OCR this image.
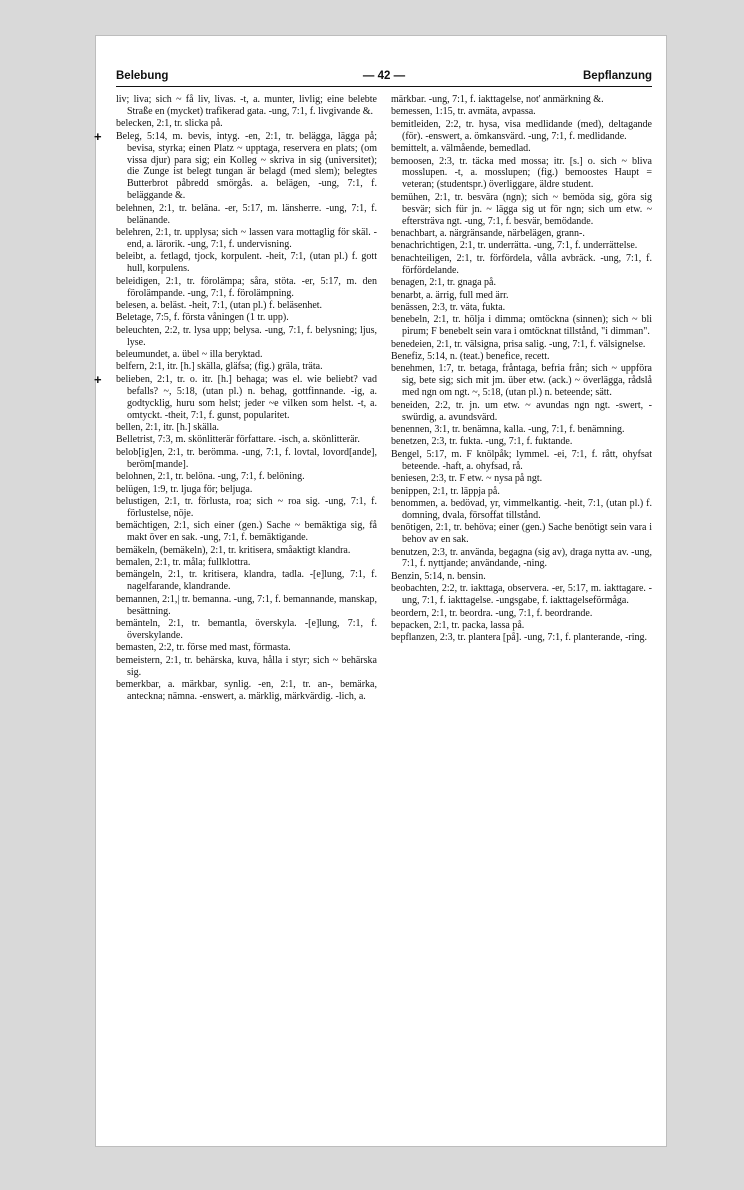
Belebung	— 42 —	Bepflanzung
liv; liva; sich ~ få liv, livas. -t, a. munter, livlig; eine belebte Straße en (mycket) trafikerad gata. -ung, 7:1, f. livgivande &.
belecken, 2:1, tr. slicka på.
+ Beleg, 5:14, m. bevis, intyg. -en, 2:1, tr. belägga, lägga på; bevisa, styrka; einen Platz ~ upptaga, reservera en plats; (om vissa djur) para sig; ein Kolleg ~ skriva in sig (universitet); die Zunge ist belegt tungan är belagd (med slem); belegtes Butterbrot påbredd smörgås. a. belägen, -ung, 7:1, f. beläggande &.
belehnen, 2:1, tr. beläna. -er, 5:17, m. länsherre. -ung, 7:1, f. belänande.
belehren, 2:1, tr. upplysa; sich ~ lassen vara mottaglig för skäl. -end, a. lärorik. -ung, 7:1, f. undervisning.
beleibt, a. fetlagd, tjock, korpulent. -heit, 7:1, (utan pl.) f. gott hull, korpulens.
beleidigen, 2:1, tr. förolämpa; såra, stöta. -er, 5:17, m. den förolämpande. -ung, 7:1, f. förolämpning.
belesen, a. beläst. -heit, 7:1, (utan pl.) f. beläsenhet.
Beletage, 7:5, f. första våningen (1 tr. upp).
beleuchten, 2:2, tr. lysa upp; belysa. -ung, 7:1, f. belysning; ljus, lyse.
beleumundet, a. übel ~ illa beryktad.
belfern, 2:1, itr. [h.] skälla, gläfsa; (fig.) gräla, träta.
+ belieben, 2:1, tr. o. itr. [h.] behaga; was el. wie beliebt? vad befalls? ~, 5:18, (utan pl.) n. behag, gottfinnande. -ig, a. godtycklig, huru som helst; jeder ~e vilken som helst. -t, a. omtyckt. -theit, 7:1, f. gunst, popularitet.
bellen, 2:1, itr. [h.] skälla.
Belletrist, 7:3, m. skönlitterär författare. -isch, a. skönlitterär.
belob[ig]en, 2:1, tr. berömma. -ung, 7:1, f. lovtal, lovord[ande], beröm[mande].
belohnen, 2:1, tr. belöna. -ung, 7:1, f. belöning.
belügen, 1:9, tr. ljuga för; beljuga.
belustigen, 2:1, tr. förlusta, roa; sich ~ roa sig. -ung, 7:1, f. förlustelse, nöje.
bemächtigen, 2:1, sich einer (gen.) Sache ~ bemäktiga sig, få makt över en sak. -ung, 7:1, f. bemäktigande.
bemäkeln, (bemäkeln), 2:1, tr. kritisera, småaktigt klandra.
bemalen, 2:1, tr. måla; fullklottra.
bemängeln, 2:1, tr. kritisera, klandra, tadla. -[e]lung, 7:1, f. nagelfarande, klandrande.
bemannen, 2:1,| tr. bemanna. -ung, 7:1, f. bemannande, manskap, besättning.
bemänteln, 2:1, tr. bemantla, överskyla. -[e]lung, 7:1, f. överskylande.
bemasten, 2:2, tr. förse med mast, förmasta.
bemeistern, 2:1, tr. behärska, kuva, hålla i styr; sich ~ behärska sig.
bemerkbar, a. märkbar, synlig. -en, 2:1, tr. an-, bemärka, anteckna; nämna. -enswert, a. märklig, märkvärdig. -lich, a.
märkbar. -ung, 7:1, f. iakttagelse, not' anmärkning &.
bemessen, 1:15, tr. avmäta, avpassa.
bemitleiden, 2:2, tr. hysa, visa medlidande (med), deltagande (för). -enswert, a. ömkansvärd. -ung, 7:1, f. medlidande.
bemittelt, a. välmående, bemedlad.
bemoosen, 2:3, tr. täcka med mossa; itr. [s.] o. sich ~ bliva mosslupen. -t, a. mosslupen; (fig.) bemoostes Haupt = veteran; (studentspr.) överliggare, äldre student.
bemühen, 2:1, tr. besvära (ngn); sich ~ bemöda sig, göra sig besvär; sich für jn. ~ lägga sig ut för ngn; sich um etw. ~ eftersträva ngt. -ung, 7:1, f. besvär, bemödande.
benachbart, a. närgränsande, närbelägen, grann-.
benachrichtigen, 2:1, tr. underrätta. -ung, 7:1, f. underrättelse.
benachteiligen, 2:1, tr. förfördela, vålla avbräck. -ung, 7:1, f. förfördelande.
benagen, 2:1, tr. gnaga på.
benarbt, a. ärrig, full med ärr.
benässen, 2:3, tr. väta, fukta.
benebeln, 2:1, tr. hölja i dimma; omtöckna (sinnen); sich ~ bli pirum; F benebelt sein vara i omtöcknat tillstånd, "i dimman".
benedeien, 2:1, tr. välsigna, prisa salig. -ung, 7:1, f. välsignelse.
Benefiz, 5:14, n. (teat.) benefice, recett.
benehmen, 1:7, tr. betaga, fråntaga, befria från; sich ~ uppföra sig, bete sig; sich mit jm. über etw. (ack.) ~ överlägga, rådslå med ngn om ngt. ~, 5:18, (utan pl.) n. beteende; sätt.
beneiden, 2:2, tr. jn. um etw. ~ avundas ngn ngt. -swert, -swürdig, a. avundsvärd.
benennen, 3:1, tr. benämna, kalla. -ung, 7:1, f. benämning.
benetzen, 2:3, tr. fukta. -ung, 7:1, f. fuktande.
Bengel, 5:17, m. F knölpåk; lymmel. -ei, 7:1, f. rått, ohyfsat beteende. -haft, a. ohyfsad, rå.
beniesen, 2:3, tr. F etw. ~ nysa på ngt.
benippen, 2:1, tr. läppja på.
benommen, a. bedövad, yr, vimmelkantig. -heit, 7:1, (utan pl.) f. domning, dvala, försoffat tillstånd.
benötigen, 2:1, tr. behöva; einer (gen.) Sache benötigt sein vara i behov av en sak.
benutzen, 2:3, tr. använda, begagna (sig av), draga nytta av. -ung, 7:1, f. nyttjande; användande, -ning.
Benzin, 5:14, n. bensin.
beobachten, 2:2, tr. iakttaga, observera. -er, 5:17, m. iakttagare. -ung, 7:1, f. iakttagelse. -ungsgabe, f. iakttagelseförmåga.
beordern, 2:1, tr. beordra. -ung, 7:1, f. beordrande.
bepacken, 2:1, tr. packa, lassa på.
bepflanzen, 2:3, tr. plantera [på]. -ung, 7:1, f. planterande, -ring.
